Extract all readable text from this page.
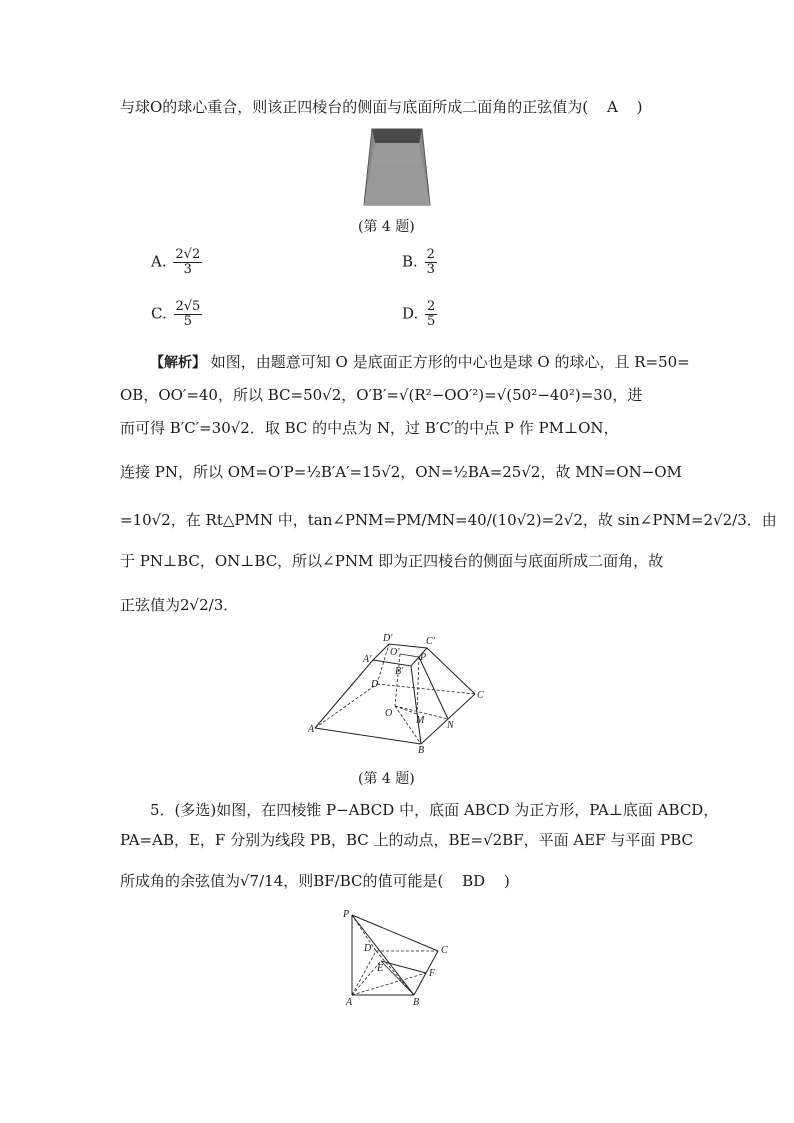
与球O的球心重合，则该正四棱台的侧面与底面所成二面角的正弦值为( A )
(第 4 题)
A. $\frac{2√2}{3}$	B. $\frac{2}{3}$
C. $\frac{2√5}{5}$	D. $\frac{2}{5}$
【解析】 如图，由题意可知 O 是底面正方形的中心也是球 O 的球心，且 R=50=
OB，OO′=40，所以 BC=50√2，O′B′=√(R²−OO′²)=√(50²−40²)=30，进
而可得 B′C′=30√2．取 BC 的中点为 N，过 B′C′的中点 P 作 PM⊥ON，
连接 PN，所以 OM=O′P=½B′A′=15√2，ON=½BA=25√2，故 MN=ON−OM
=10√2，在 Rt△PMN 中，tan∠PNM=PM/MN=40/(10√2)=2√2，故 sin∠PNM=2√2/3．由
于 PN⊥BC，ON⊥BC，所以∠PNM 即为正四棱台的侧面与底面所成二面角，故
正弦值为2√2/3．
D′	C′
A′
O′ P
B′
D
C
O
M N
A
B
(第 4 题)
5．(多选)如图，在四棱锥 P−ABCD 中，底面 ABCD 为正方形，PA⊥底面 ABCD，
PA=AB，E，F 分别为线段 PB，BC 上的动点，BE=√2BF，平面 AEF 与平面 PBC
所成角的余弦值为√7/14，则BF/BC的值可能是( BD )
P
D	C
E	F
A	B
